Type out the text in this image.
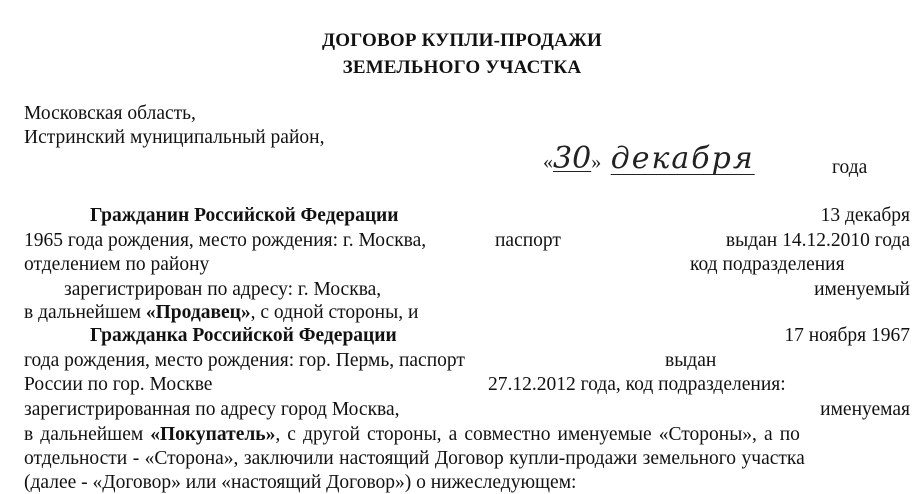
ДОГОВОР КУПЛИ-ПРОДАЖИ
ЗЕМЕЛЬНОГО УЧАСТКА
Московская область,
Истринский муниципальный район,
«30» декабря	года
Гражданин Российской Федерации	13 декабря
1965 года рождения, место рождения: г. Москва,	паспорт	выдан 14.12.2010 года
отделением по району	код подразделения
зарегистрирован по адресу: г. Москва,	именуемый
в дальнейшем «Продавец», с одной стороны, и
Гражданка Российской Федерации	17 ноября 1967
года рождения, место рождения: гор. Пермь, паспорт	выдан
России по гор. Москве	27.12.2012 года, код подразделения:
зарегистрированная по адресу город Москва,	именуемая
в дальнейшем «Покупатель», с другой стороны, а совместно именуемые «Стороны», а по
отдельности - «Сторона», заключили настоящий Договор купли-продажи земельного участка
(далее - «Договор» или «настоящий Договор») о нижеследующем:
